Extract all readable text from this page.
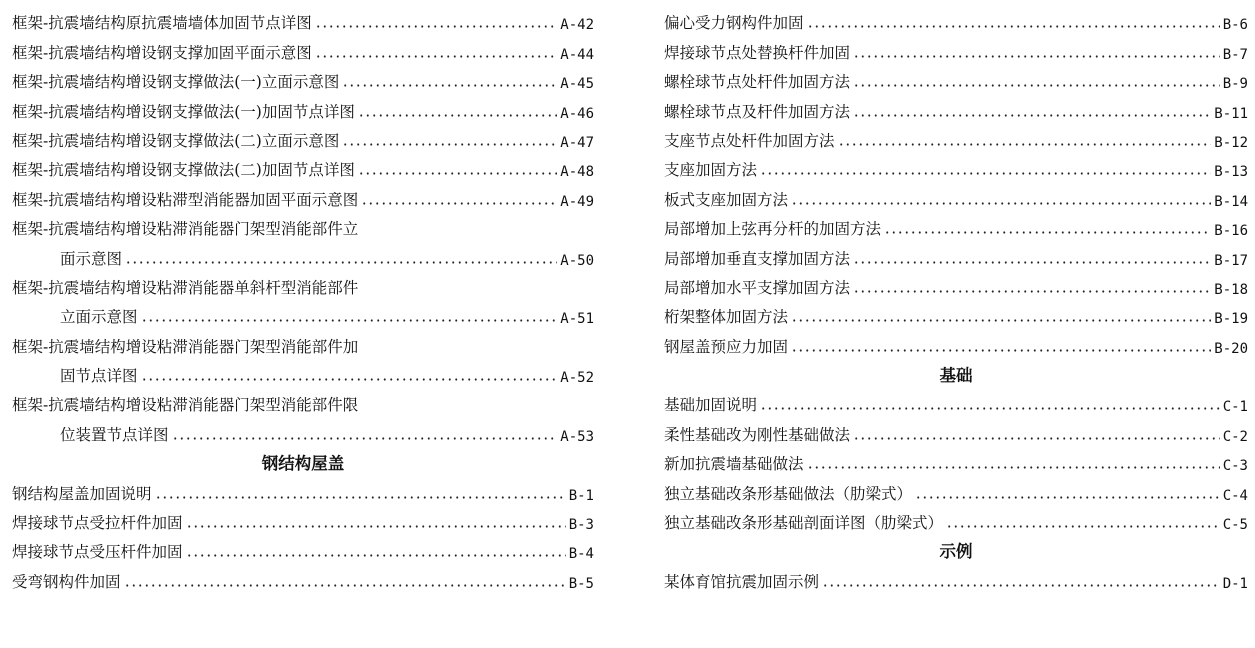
框架-抗震墙结构原抗震墙墙体加固节点详图	A-42
框架-抗震墙结构增设钢支撑加固平面示意图	A-44
框架-抗震墙结构增设钢支撑做法(一)立面示意图	A-45
框架-抗震墙结构增设钢支撑做法(一)加固节点详图	A-46
框架-抗震墙结构增设钢支撑做法(二)立面示意图	A-47
框架-抗震墙结构增设钢支撑做法(二)加固节点详图	A-48
框架-抗震墙结构增设粘滞型消能器加固平面示意图	A-49
框架-抗震墙结构增设粘滞消能器门架型消能部件立
面示意图	A-50
框架-抗震墙结构增设粘滞消能器单斜杆型消能部件
立面示意图	A-51
框架-抗震墙结构增设粘滞消能器门架型消能部件加
固节点详图	A-52
框架-抗震墙结构增设粘滞消能器门架型消能部件限
位装置节点详图	A-53
钢结构屋盖
钢结构屋盖加固说明	B-1
焊接球节点受拉杆件加固	B-3
焊接球节点受压杆件加固	B-4
受弯钢构件加固	B-5
偏心受力钢构件加固	B-6
焊接球节点处替换杆件加固	B-7
螺栓球节点处杆件加固方法	B-9
螺栓球节点及杆件加固方法	B-11
支座节点处杆件加固方法	B-12
支座加固方法	B-13
板式支座加固方法	B-14
局部增加上弦再分杆的加固方法	B-16
局部增加垂直支撑加固方法	B-17
局部增加水平支撑加固方法	B-18
桁架整体加固方法	B-19
钢屋盖预应力加固	B-20
基础
基础加固说明	C-1
柔性基础改为刚性基础做法	C-2
新加抗震墙基础做法	C-3
独立基础改条形基础做法（肋梁式）	C-4
独立基础改条形基础剖面详图（肋梁式）	C-5
示例
某体育馆抗震加固示例	D-1
